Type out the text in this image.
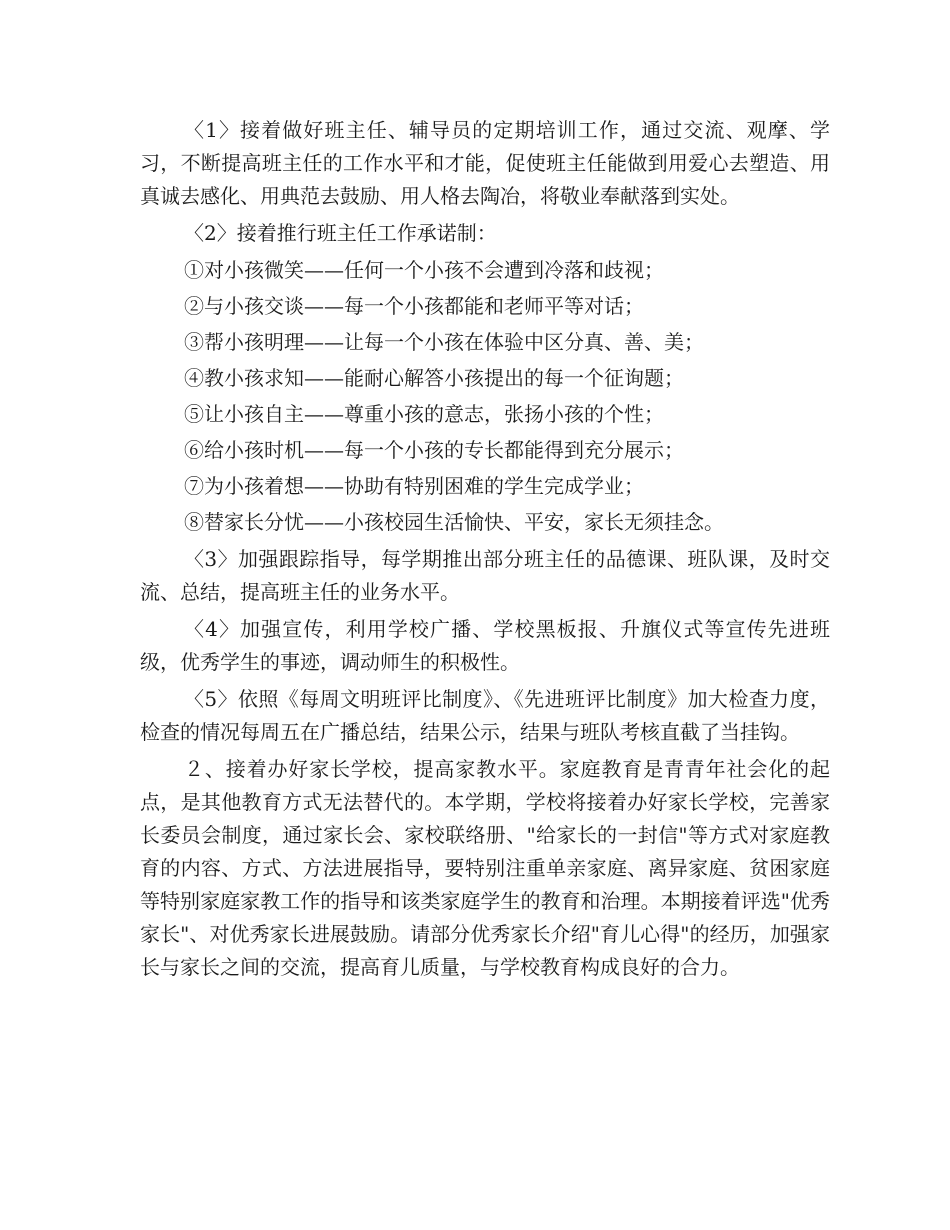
〈1〉接着做好班主任、辅导员的定期培训工作，通过交流、观摩、学习，不断提高班主任的工作水平和才能，促使班主任能做到用爱心去塑造、用真诚去感化、用典范去鼓励、用人格去陶冶，将敬业奉献落到实处。

〈2〉接着推行班主任工作承诺制：

①对小孩微笑——任何一个小孩不会遭到冷落和歧视；

②与小孩交谈——每一个小孩都能和老师平等对话；

③帮小孩明理——让每一个小孩在体验中区分真、善、美；

④教小孩求知——能耐心解答小孩提出的每一个征询题；

⑤让小孩自主——尊重小孩的意志，张扬小孩的个性；

⑥给小孩时机——每一个小孩的专长都能得到充分展示；

⑦为小孩着想——协助有特别困难的学生完成学业；

⑧替家长分忧——小孩校园生活愉快、平安，家长无须挂念。

〈3〉加强跟踪指导，每学期推出部分班主任的品德课、班队课，及时交流、总结，提高班主任的业务水平。

〈4〉加强宣传，利用学校广播、学校黑板报、升旗仪式等宣传先进班级，优秀学生的事迹，调动师生的积极性。

〈5〉依照《每周文明班评比制度》、《先进班评比制度》加大检查力度，检查的情况每周五在广播总结，结果公示，结果与班队考核直截了当挂钩。

２、接着办好家长学校，提高家教水平。家庭教育是青青年社会化的起点，是其他教育方式无法替代的。本学期，学校将接着办好家长学校，完善家长委员会制度，通过家长会、家校联络册、"给家长的一封信"等方式对家庭教育的内容、方式、方法进展指导，要特别注重单亲家庭、离异家庭、贫困家庭等特别家庭家教工作的指导和该类家庭学生的教育和治理。本期接着评选"优秀家长"、对优秀家长进展鼓励。请部分优秀家长介绍"育儿心得"的经历，加强家长与家长之间的交流，提高育儿质量，与学校教育构成良好的合力。
